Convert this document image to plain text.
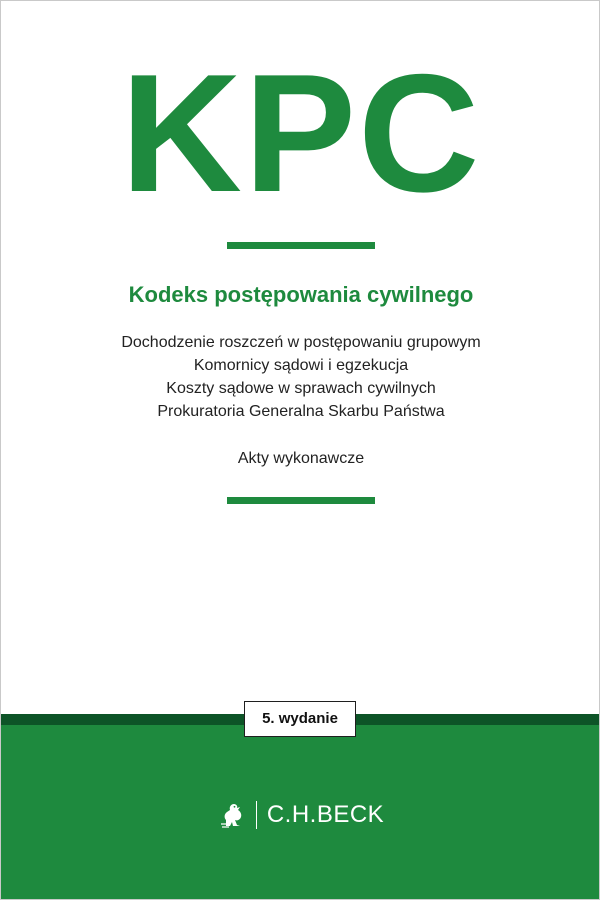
KPC
Kodeks postępowania cywilnego
Dochodzenie roszczeń w postępowaniu grupowym
Komornicy sądowi i egzekucja
Koszty sądowe w sprawach cywilnych
Prokuratoria Generalna Skarbu Państwa
Akty wykonawcze
5. wydanie
C.H.BECK
